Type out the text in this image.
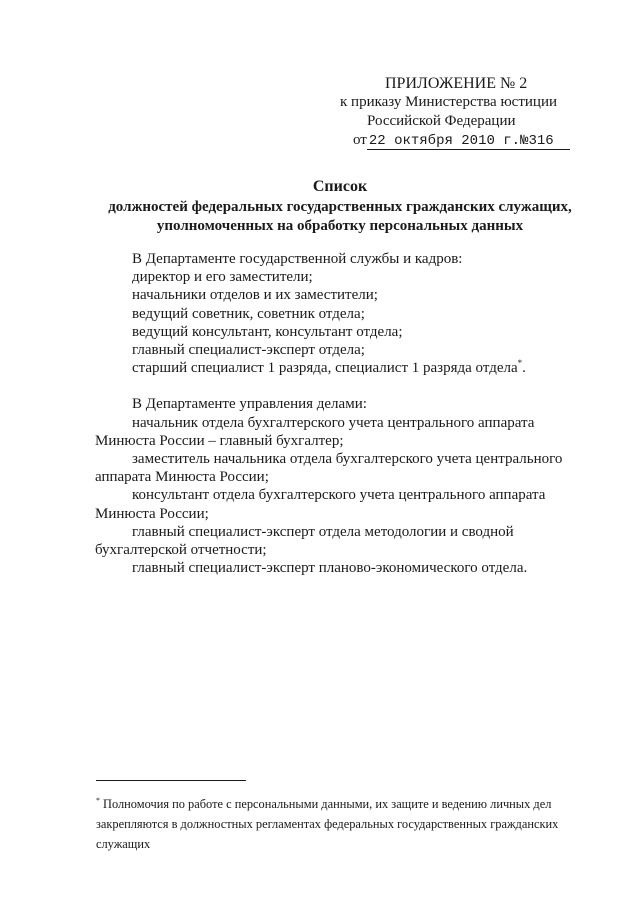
ПРИЛОЖЕНИЕ № 2
к приказу Министерства юстиции
Российской Федерации
от 22 октября 2010 г.№316
Список
должностей федеральных государственных гражданских служащих,
уполномоченных на обработку персональных данных
В Департаменте государственной службы и кадров:
директор и его заместители;
начальники отделов и их заместители;
ведущий советник, советник отдела;
ведущий консультант, консультант отдела;
главный специалист-эксперт отдела;
старший специалист 1 разряда, специалист 1 разряда отдела*.
В Департаменте управления делами:
начальник отдела бухгалтерского учета центрального аппарата
Минюста России – главный бухгалтер;
заместитель начальника отдела бухгалтерского учета центрального
аппарата Минюста России;
консультант отдела бухгалтерского учета центрального аппарата
Минюста России;
главный специалист-эксперт отдела методологии и сводной
бухгалтерской отчетности;
главный специалист-эксперт планово-экономического отдела.
* Полномочия по работе с персональными данными, их защите и ведению личных дел
закрепляются в должностных регламентах федеральных государственных гражданских
служащих
